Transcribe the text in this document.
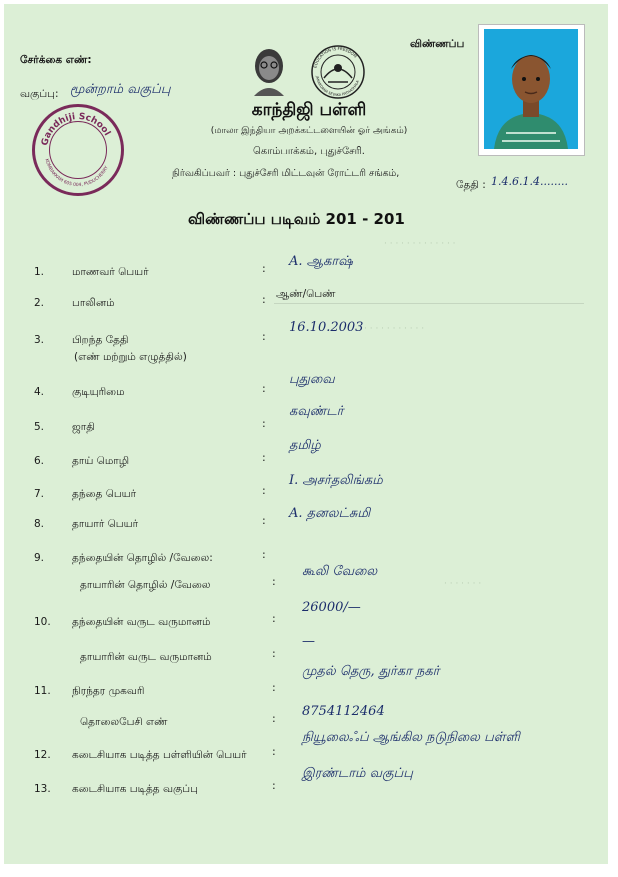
· · · · · · · · · · · · ·
· · · · · · · · · · ·
· · · · · · ·
சேர்க்கை எண்:
வகுப்பு: மூன்றாம் வகுப்பு
Gandhiji School
KOMBAKKAM 605 004, PUDUCHERRY
EDUCATION IS FREEDOM
JANARDANA SEVAKA PATHASHALA
காந்திஜி பள்ளி
(மாலா இந்தியா அறக்கட்டளையின் ஓர் அங்கம்)
கொம்பாக்கம், புதுச்சேரி.
நிர்வகிப்பவர் : புதுச்சேரி மிட்டவுன் ரோட்டரி சங்கம்,
விண்ணப்ப
தேதி : 1.4.6.1.4........
விண்ணப்ப படிவம் 201 - 201
1.	மாணவர் பெயர்	: A. ஆகாஷ்
2.	பாலினம்	: ஆண்/பெண்
3.	பிறந்த தேதி
(எண் மற்றும் எழுத்தில்)
:
16.10.2003
4.	குடியுரிமை	:
புதுவை
5.	ஜாதி	:
கவுண்டர்
6.	தாய் மொழி	:
தமிழ்
7.	தந்தை பெயர்	:
I. அசர்தலிங்கம்
8.	தாயார் பெயர்	: A. தனலட்சுமி
9.	தந்தையின் தொழில் /வேலை:	:
தாயாரின் தொழில் /வேலை	:
கூலி வேலை
10. தந்தையின் வருட வருமானம்	:
26000/—
தாயாரின் வருட வருமானம்	:
—
11. நிரந்தர முகவரி	:
முதல் தெரு, துர்கா நகர்
தொலைபேசி எண்	: 8754112464
12. கடைசியாக படித்த பள்ளியின் பெயர் :
நியூலைஃப் ஆங்கில நடுநிலை பள்ளி
13. கடைசியாக படித்த வகுப்பு	:
இரண்டாம் வகுப்பு
